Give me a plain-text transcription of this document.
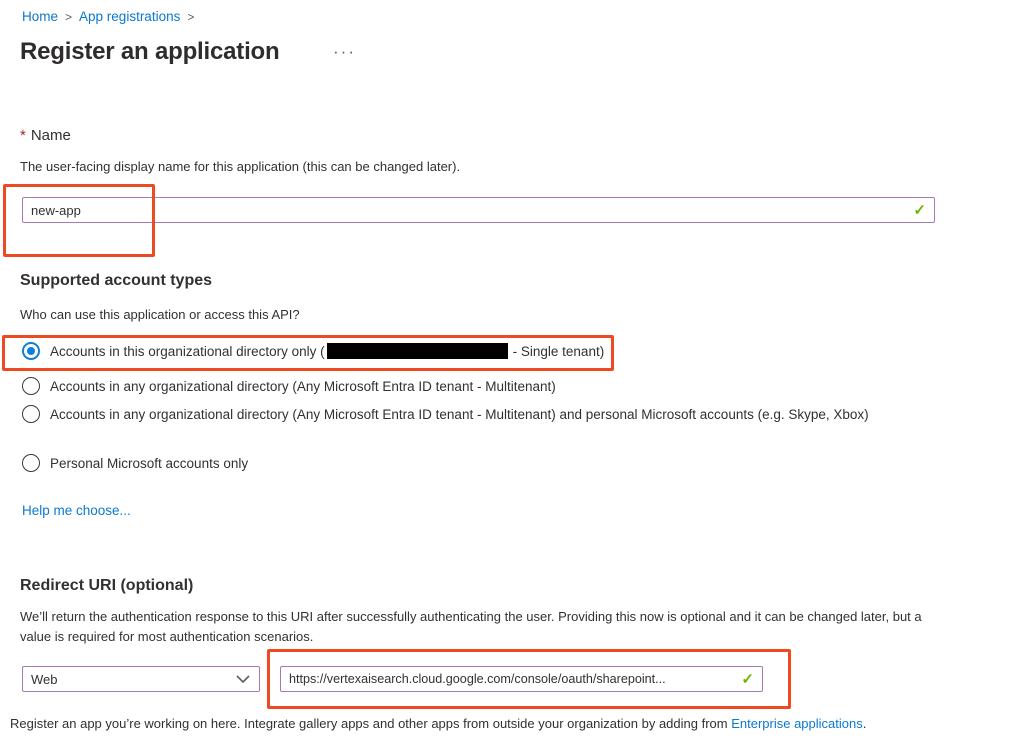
Home > App registrations >
Register an application	···
* Name
The user-facing display name for this application (this can be changed later).
new-app	✓
Supported account types
Who can use this application or access this API?
Accounts in this organizational directory only (	- Single tenant)
Accounts in any organizational directory (Any Microsoft Entra ID tenant - Multitenant)
Accounts in any organizational directory (Any Microsoft Entra ID tenant - Multitenant) and personal Microsoft accounts (e.g. Skype, Xbox)
Personal Microsoft accounts only
Help me choose...
Redirect URI (optional)
We’ll return the authentication response to this URI after successfully authenticating the user. Providing this now is optional and it can be changed later, but a value is required for most authentication scenarios.
Web	https://vertexaisearch.cloud.google.com/console/oauth/sharepoint...	✓
Register an app you’re working on here. Integrate gallery apps and other apps from outside your organization by adding from Enterprise applications.
